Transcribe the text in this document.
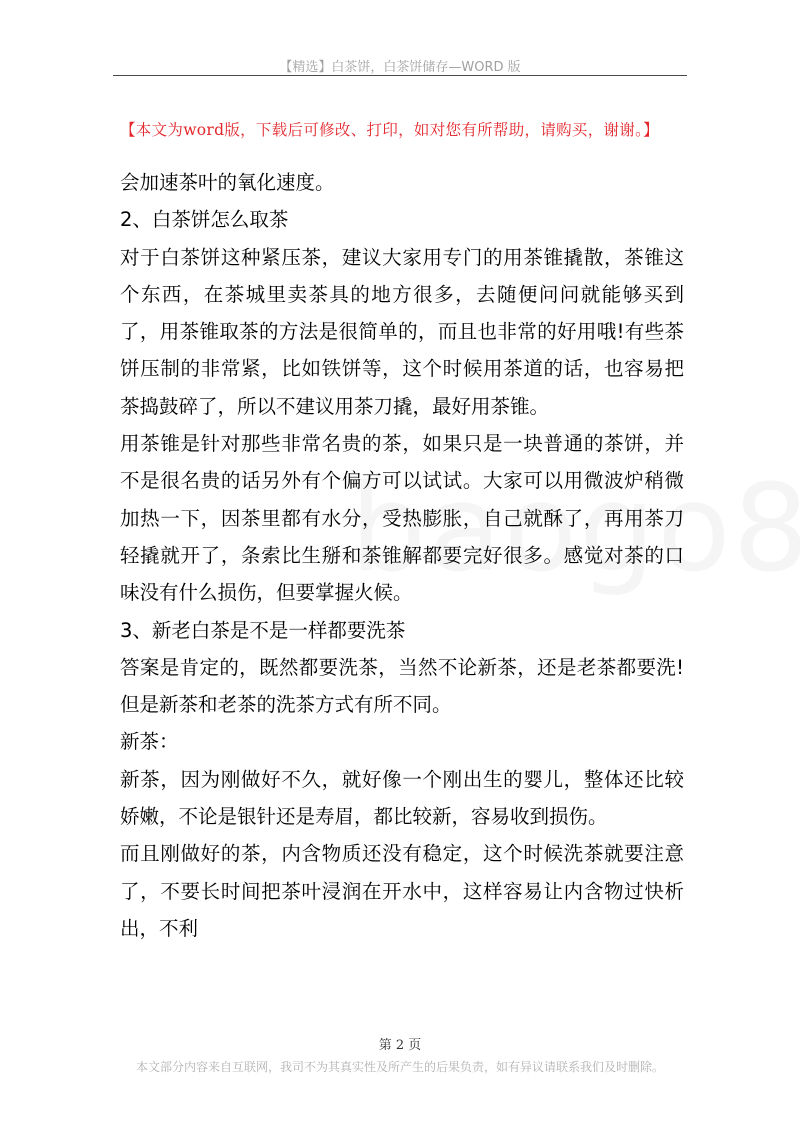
【精选】白茶饼，白茶饼储存—WORD 版
【本文为word版，下载后可修改、打印，如对您有所帮助，请购买，谢谢。】

会加速茶叶的氧化速度。

2、白茶饼怎么取茶

对于白茶饼这种紧压茶，建议大家用专门的用茶锥撬散，茶锥这个东西，在茶城里卖茶具的地方很多，去随便问问就能够买到了，用茶锥取茶的方法是很简单的，而且也非常的好用哦!有些茶饼压制的非常紧，比如铁饼等，这个时候用茶道的话，也容易把茶捣鼓碎了，所以不建议用茶刀撬，最好用茶锥。

用茶锥是针对那些非常名贵的茶，如果只是一块普通的茶饼，并不是很名贵的话另外有个偏方可以试试。大家可以用微波炉稍微加热一下，因茶里都有水分，受热膨胀，自己就酥了，再用茶刀轻撬就开了，条索比生掰和茶锥解都要完好很多。感觉对茶的口味没有什么损伤，但要掌握火候。

3、新老白茶是不是一样都要洗茶

答案是肯定的，既然都要洗茶，当然不论新茶，还是老茶都要洗!但是新茶和老茶的洗茶方式有所不同。

新茶：

新茶，因为刚做好不久，就好像一个刚出生的婴儿，整体还比较娇嫩，不论是银针还是寿眉，都比较新，容易收到损伤。

而且刚做好的茶，内含物质还没有稳定，这个时候洗茶就要注意了，不要长时间把茶叶浸润在开水中，这样容易让内含物过快析出，不利

第 2 页
本文部分内容来自互联网，我司不为其真实性及所产生的后果负责，如有异议请联系我们及时删除。
